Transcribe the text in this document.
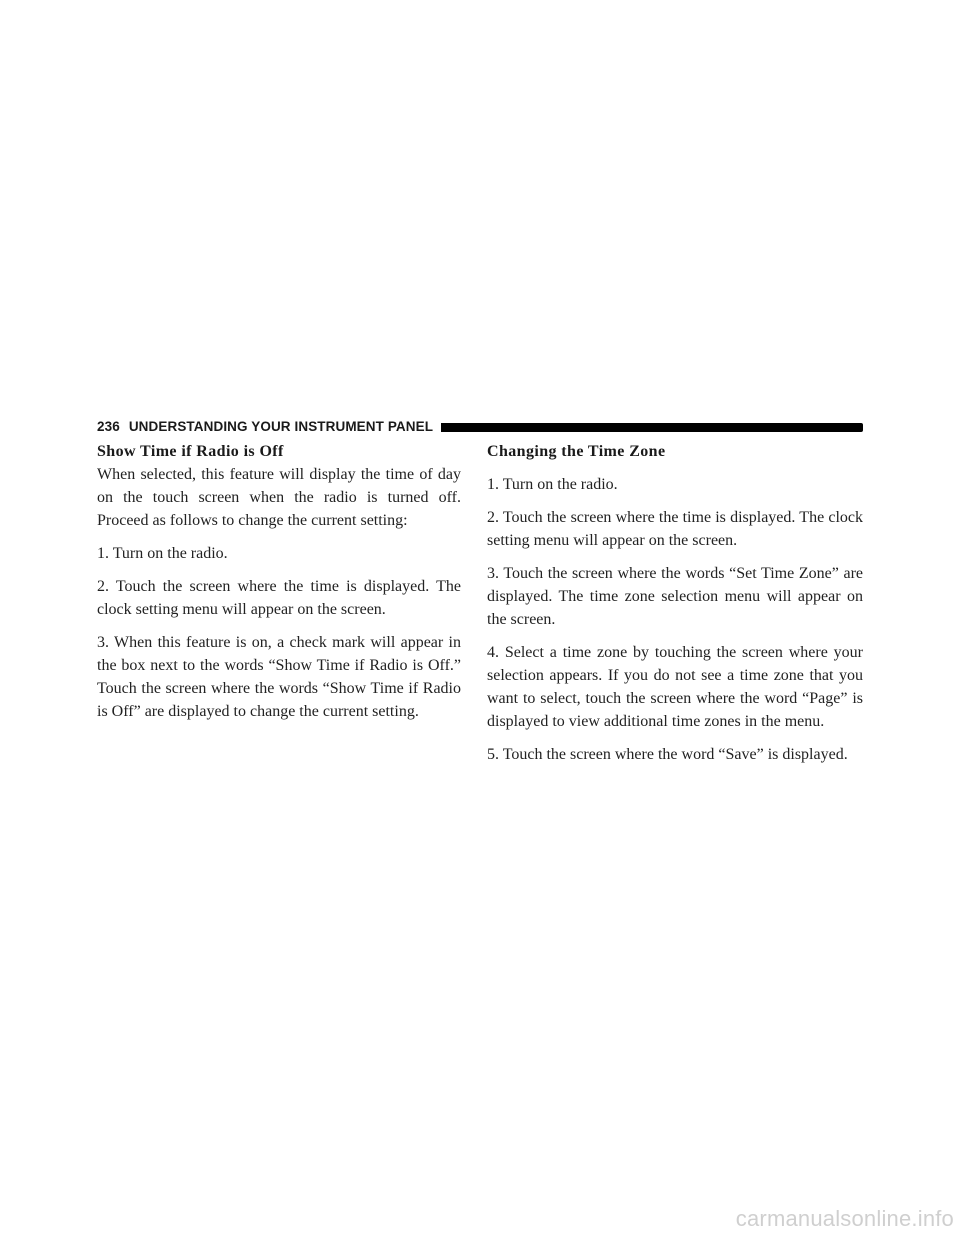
236 UNDERSTANDING YOUR INSTRUMENT PANEL
Show Time if Radio is Off

When selected, this feature will display the time of day on the touch screen when the radio is turned off. Proceed as follows to change the current setting:

1. Turn on the radio.

2. Touch the screen where the time is displayed. The clock setting menu will appear on the screen.

3. When this feature is on, a check mark will appear in the box next to the words “Show Time if Radio is Off.” Touch the screen where the words “Show Time if Radio is Off” are displayed to change the current setting.

Changing the Time Zone

1. Turn on the radio.

2. Touch the screen where the time is displayed. The clock setting menu will appear on the screen.

3. Touch the screen where the words “Set Time Zone” are displayed. The time zone selection menu will appear on the screen.

4. Select a time zone by touching the screen where your selection appears. If you do not see a time zone that you want to select, touch the screen where the word “Page” is displayed to view additional time zones in the menu.

5. Touch the screen where the word “Save” is displayed.

carmanualsonline.info
